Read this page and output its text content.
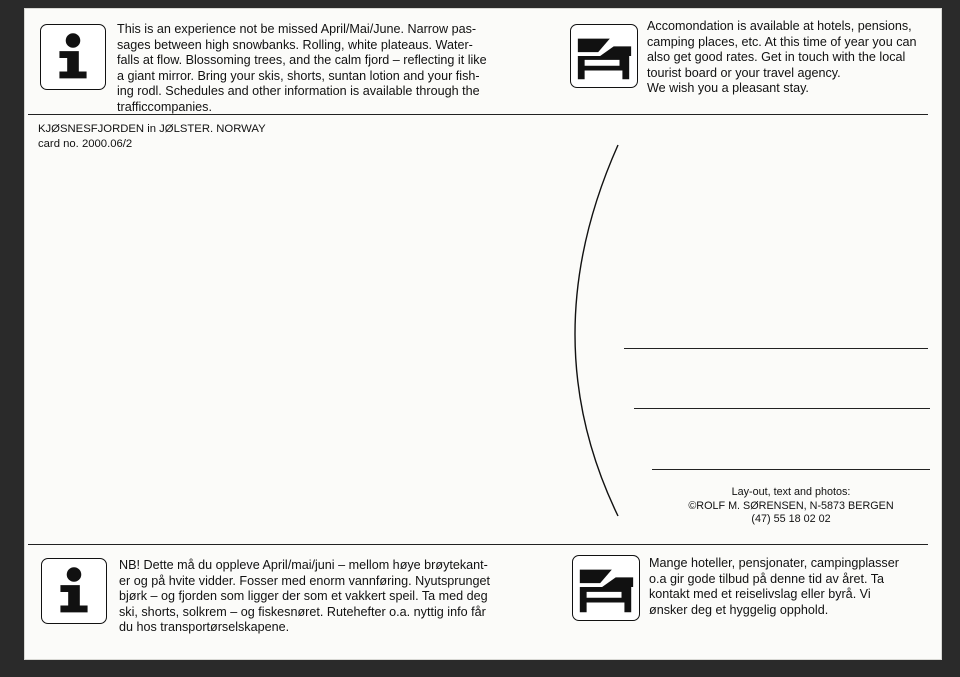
This is an experience not be missed April/Mai/June. Narrow pas-
sages between high snowbanks. Rolling, white plateaus. Water-
falls at flow. Blossoming trees, and the calm fjord – reflecting it like
a giant mirror. Bring your skis, shorts, suntan lotion and your fish-
ing rodl. Schedules and other information is available through the
trafficcompanies.

Accomondation is available at hotels, pensions,
camping places, etc. At this time of year you can
also get good rates. Get in touch with the local
tourist board or your travel agency.
We wish you a pleasant stay.

KJØSNESFJORDEN in JØLSTER. NORWAY

card no. 2000.06/2

Lay-out, text and photos:
©ROLF M. SØRENSEN, N-5873 BERGEN
(47) 55 18 02 02

NB! Dette må du oppleve April/mai/juni – mellom høye brøytekant-
er og på hvite vidder. Fosser med enorm vannføring. Nyutsprunget
bjørk – og fjorden som ligger der som et vakkert speil. Ta med deg
ski, shorts, solkrem – og fiskesnøret. Rutehefter o.a. nyttig info får
du hos transportørselskapene.

Mange hoteller, pensjonater, campingplasser
o.a gir gode tilbud på denne tid av året. Ta
kontakt med et reiselivslag eller byrå. Vi
ønsker deg et hyggelig opphold.
